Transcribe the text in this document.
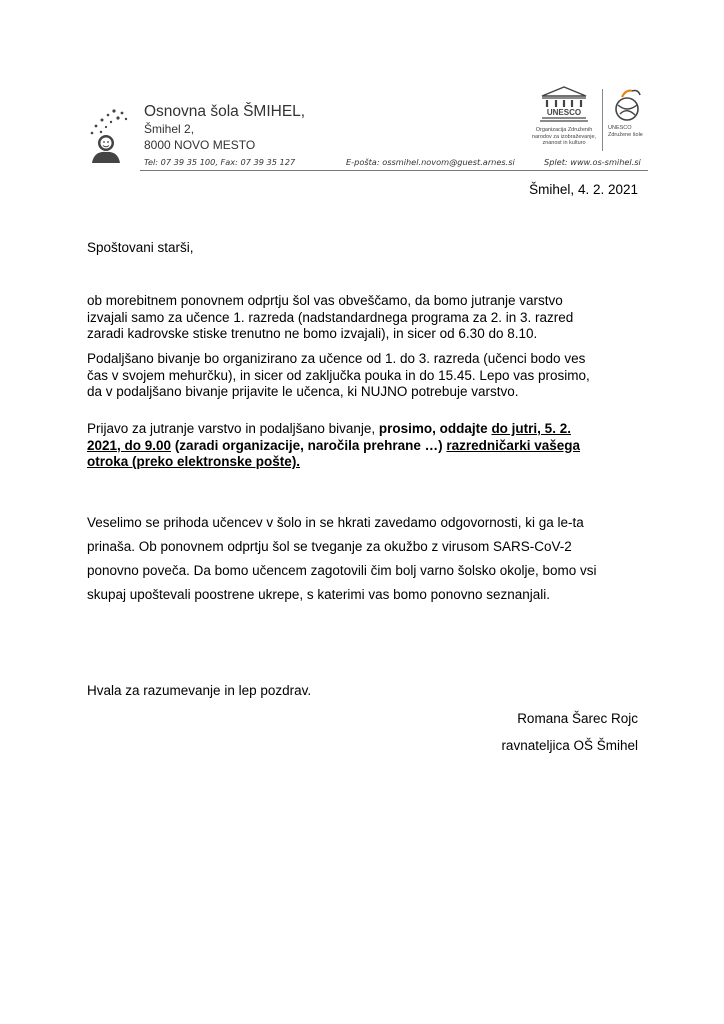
Osnovna šola ŠMIHEL,
Šmihel 2,
8000 NOVO MESTO
Tel: 07 39 35 100, Fax: 07 39 35 127	E-pošta: ossmihel.novom@guest.arnes.si	Splet: www.os-smihel.si
UNESCO
Organizacija Združenih narodov za izobraževanje, znanost in kulturo
UNESCO Združene šole
Šmihel, 4. 2. 2021
Spoštovani starši,
ob morebitnem ponovnem odprtju šol vas obveščamo, da bomo jutranje varstvo
izvajali samo za učence 1. razreda (nadstandardnega programa za 2. in 3. razred
zaradi kadrovske stiske trenutno ne bomo izvajali), in sicer od 6.30 do 8.10.
Podaljšano bivanje bo organizirano za učence od 1. do 3. razreda (učenci bodo ves
čas v svojem mehurčku), in sicer od zaključka pouka in do 15.45. Lepo vas prosimo,
da v podaljšano bivanje prijavite le učenca, ki NUJNO potrebuje varstvo.
Prijavo za jutranje varstvo in podaljšano bivanje, prosimo, oddajte do jutri, 5. 2.
2021, do 9.00 (zaradi organizacije, naročila prehrane …) razredničarki vašega
otroka (preko elektronske pošte).
Veselimo se prihoda učencev v šolo in se hkrati zavedamo odgovornosti, ki ga le-ta
prinaša. Ob ponovnem odprtju šol se tveganje za okužbo z virusom SARS-CoV-2
ponovno poveča. Da bomo učencem zagotovili čim bolj varno šolsko okolje, bomo vsi
skupaj upoštevali poostrene ukrepe, s katerimi vas bomo ponovno seznanjali.
Hvala za razumevanje in lep pozdrav.
Romana Šarec Rojc
ravnateljica OŠ Šmihel
